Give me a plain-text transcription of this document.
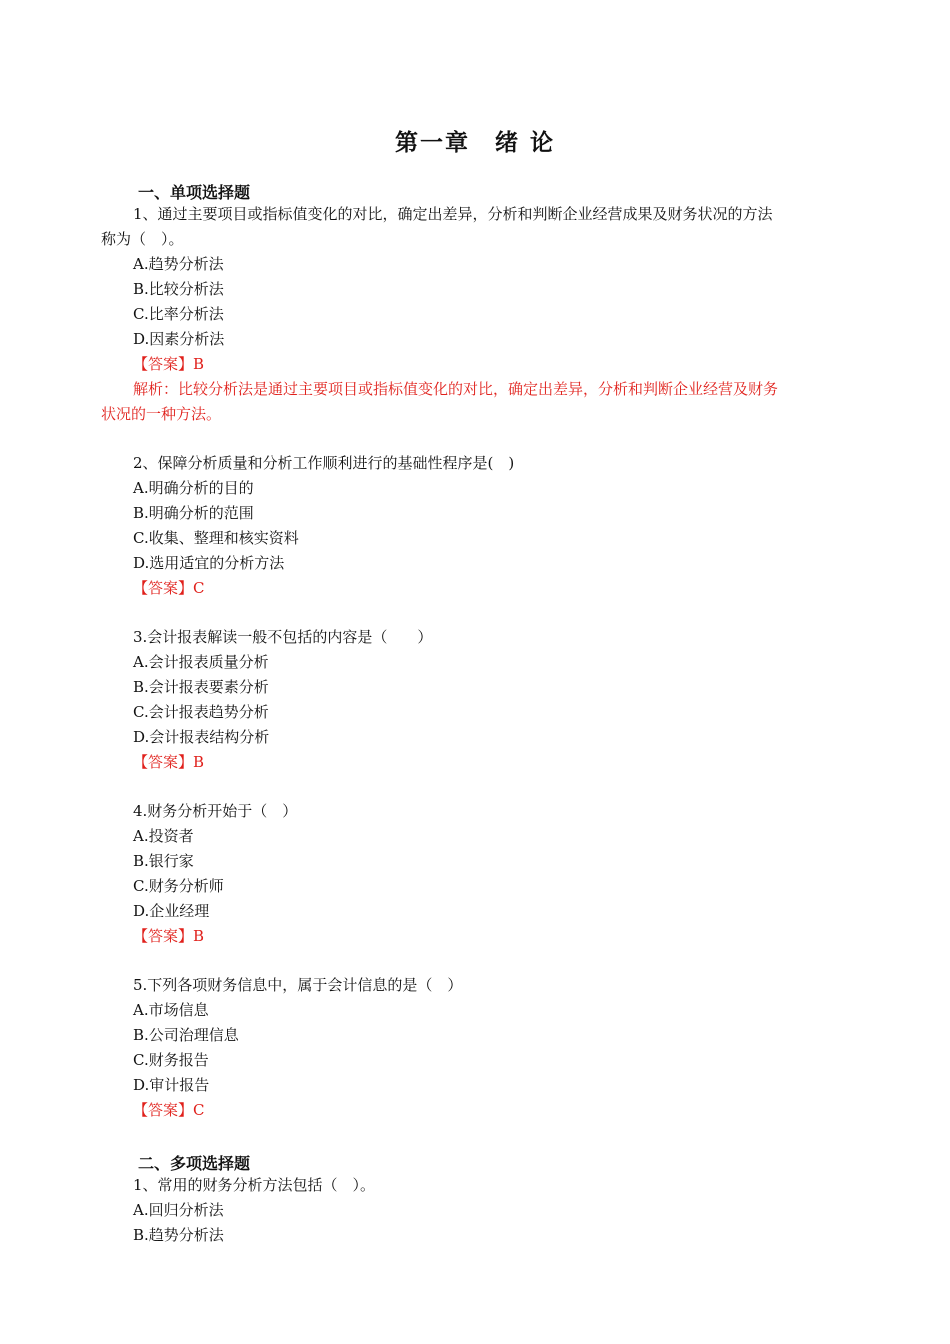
第一章　绪 论
一、单项选择题
1、通过主要项目或指标值变化的对比，确定出差异，分析和判断企业经营成果及财务状况的方法
称为（　）。
A.趋势分析法
B.比较分析法
C.比率分析法
D.因素分析法
【答案】B
解析：比较分析法是通过主要项目或指标值变化的对比，确定出差异，分析和判断企业经营及财务
状况的一种方法。
2、保障分析质量和分析工作顺利进行的基础性程序是(　)
A.明确分析的目的
B.明确分析的范围
C.收集、整理和核实资料
D.选用适宜的分析方法
【答案】C
3.会计报表解读一般不包括的内容是（　　）
A.会计报表质量分析
B.会计报表要素分析
C.会计报表趋势分析
D.会计报表结构分析
【答案】B
4.财务分析开始于（　）
A.投资者
B.银行家
C.财务分析师
D.企业经理
【答案】B
5.下列各项财务信息中，属于会计信息的是（　）
A.市场信息
B.公司治理信息
C.财务报告
D.审计报告
【答案】C
二、多项选择题
1、常用的财务分析方法包括（　）。
A.回归分析法
B.趋势分析法
